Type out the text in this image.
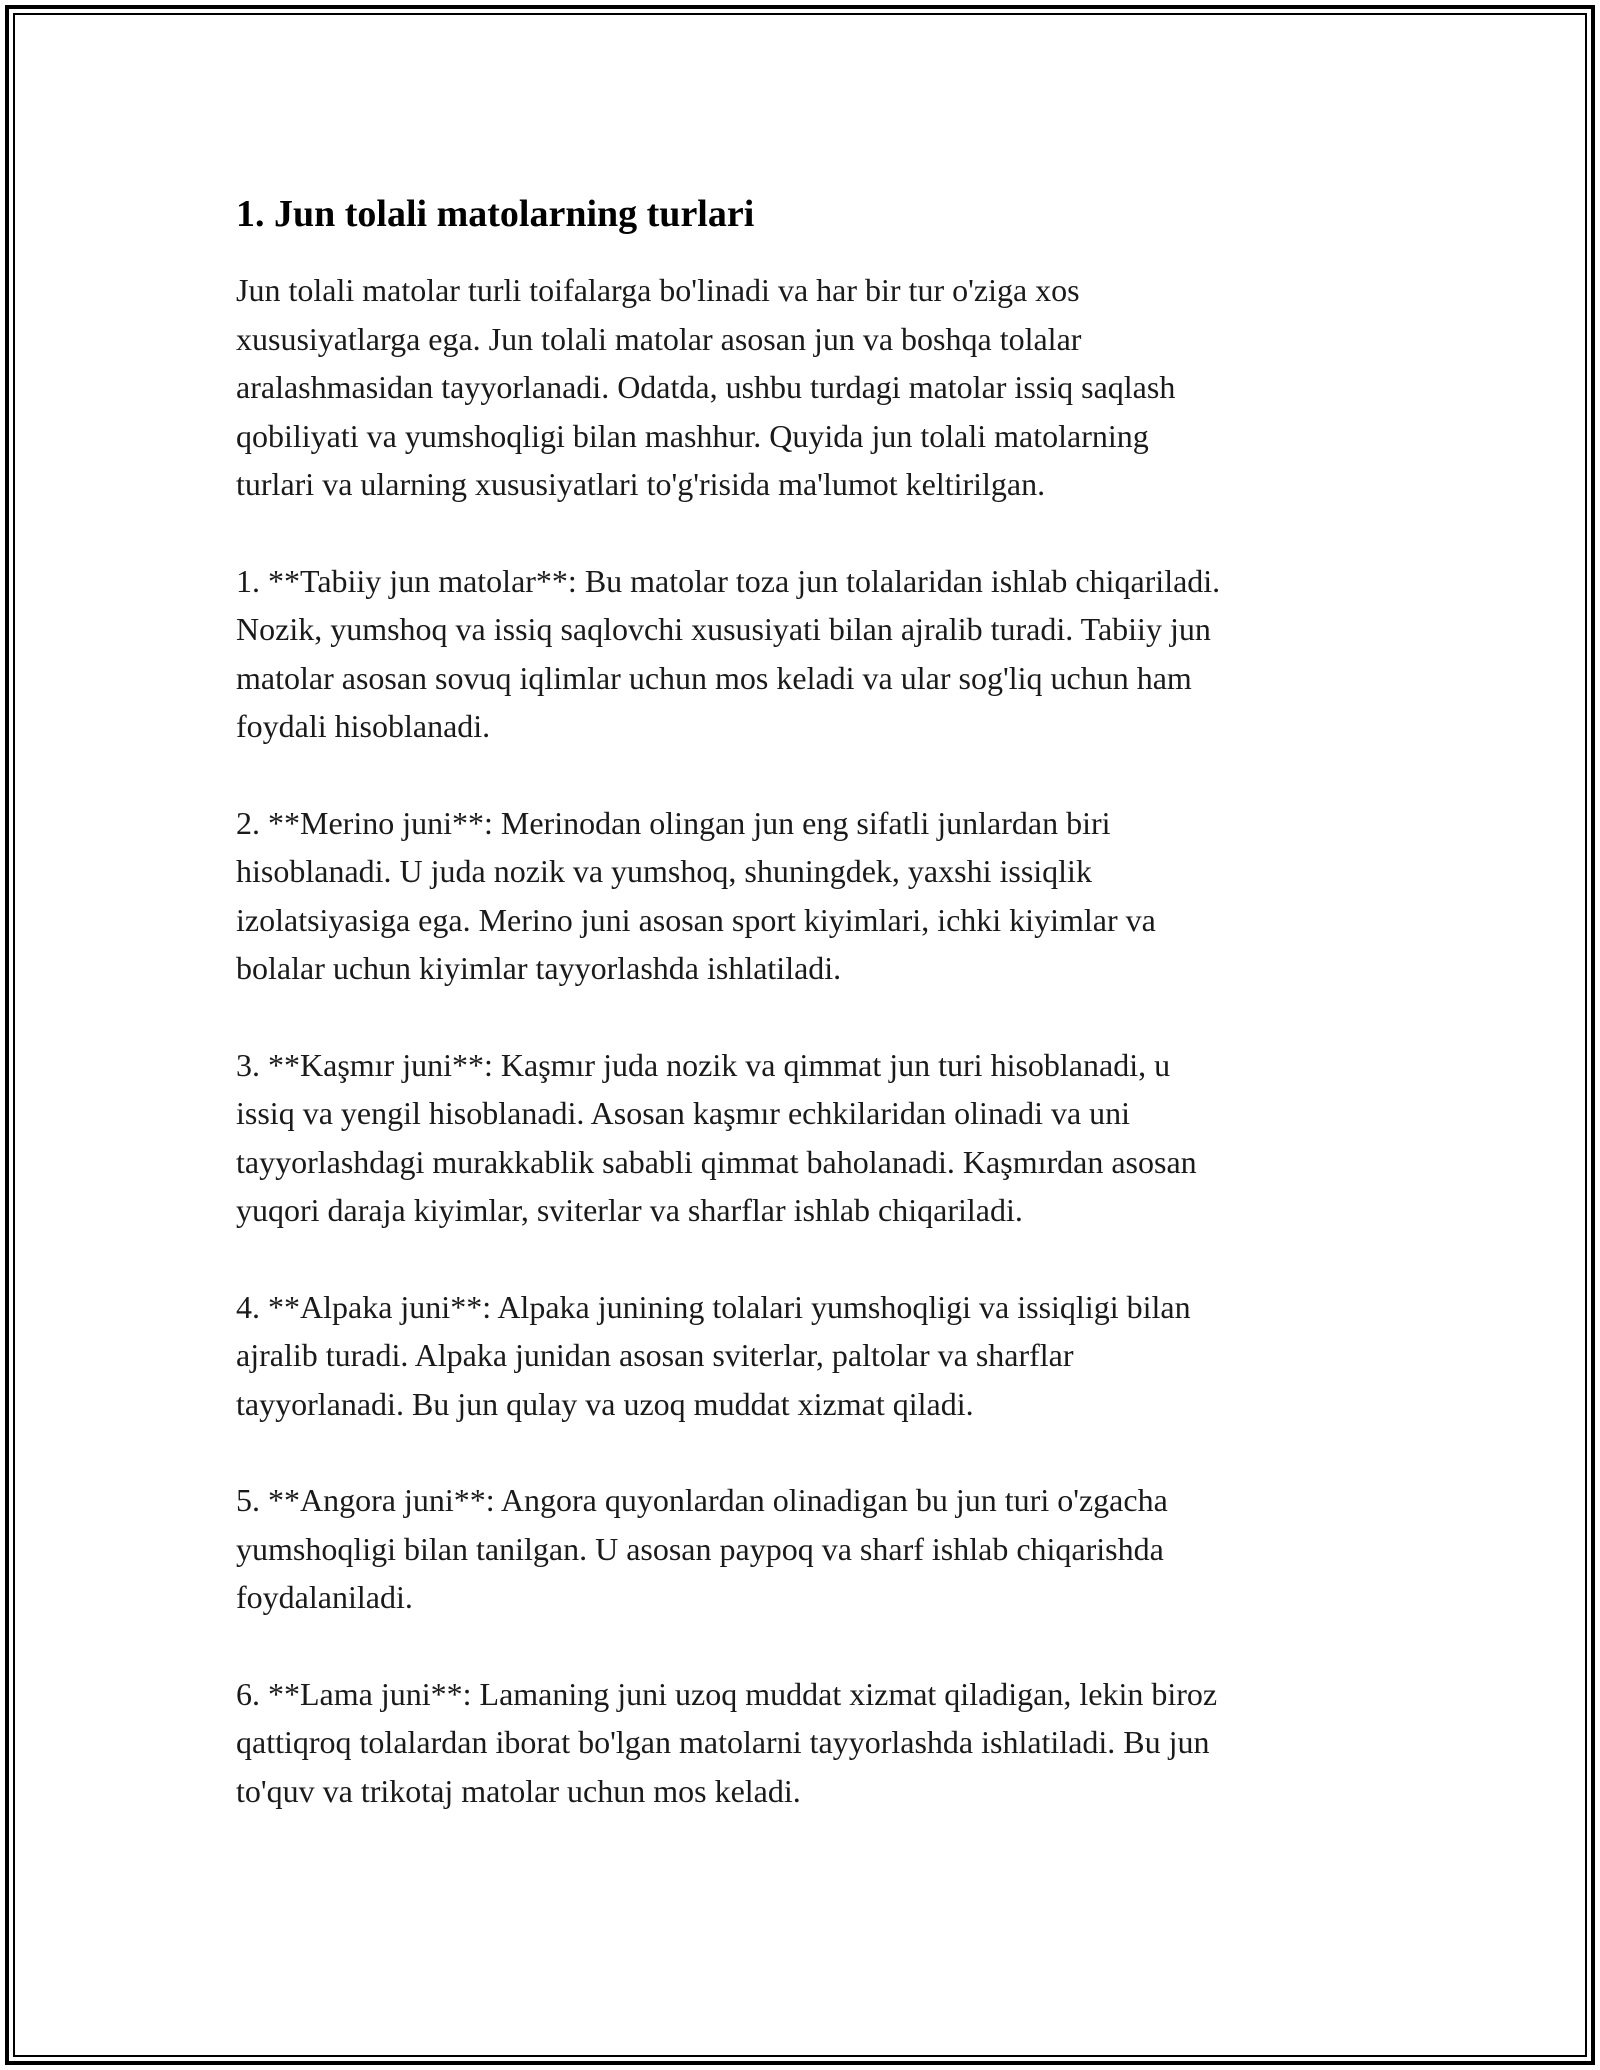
1. Jun tolali matolarning turlari

Jun tolali matolar turli toifalarga bo'linadi va har bir tur o'ziga xos
xususiyatlarga ega. Jun tolali matolar asosan jun va boshqa tolalar
aralashmasidan tayyorlanadi. Odatda, ushbu turdagi matolar issiq saqlash
qobiliyati va yumshoqligi bilan mashhur. Quyida jun tolali matolarning
turlari va ularning xususiyatlari to'g'risida ma'lumot keltirilgan.

1. **Tabiiy jun matolar**: Bu matolar toza jun tolalaridan ishlab chiqariladi.
Nozik, yumshoq va issiq saqlovchi xususiyati bilan ajralib turadi. Tabiiy jun
matolar asosan sovuq iqlimlar uchun mos keladi va ular sog'liq uchun ham
foydali hisoblanadi.

2. **Merino juni**: Merinodan olingan jun eng sifatli junlardan biri
hisoblanadi. U juda nozik va yumshoq, shuningdek, yaxshi issiqlik
izolatsiyasiga ega. Merino juni asosan sport kiyimlari, ichki kiyimlar va
bolalar uchun kiyimlar tayyorlashda ishlatiladi.

3. **Kaşmır juni**: Kaşmır juda nozik va qimmat jun turi hisoblanadi, u
issiq va yengil hisoblanadi. Asosan kaşmır echkilaridan olinadi va uni
tayyorlashdagi murakkablik sababli qimmat baholanadi. Kaşmırdan asosan
yuqori daraja kiyimlar, sviterlar va sharflar ishlab chiqariladi.

4. **Alpaka juni**: Alpaka junining tolalari yumshoqligi va issiqligi bilan
ajralib turadi. Alpaka junidan asosan sviterlar, paltolar va sharflar
tayyorlanadi. Bu jun qulay va uzoq muddat xizmat qiladi.

5. **Angora juni**: Angora quyonlardan olinadigan bu jun turi o'zgacha
yumshoqligi bilan tanilgan. U asosan paypoq va sharf ishlab chiqarishda
foydalaniladi.

6. **Lama juni**: Lamaning juni uzoq muddat xizmat qiladigan, lekin biroz
qattiqroq tolalardan iborat bo'lgan matolarni tayyorlashda ishlatiladi. Bu jun
to'quv va trikotaj matolar uchun mos keladi.
